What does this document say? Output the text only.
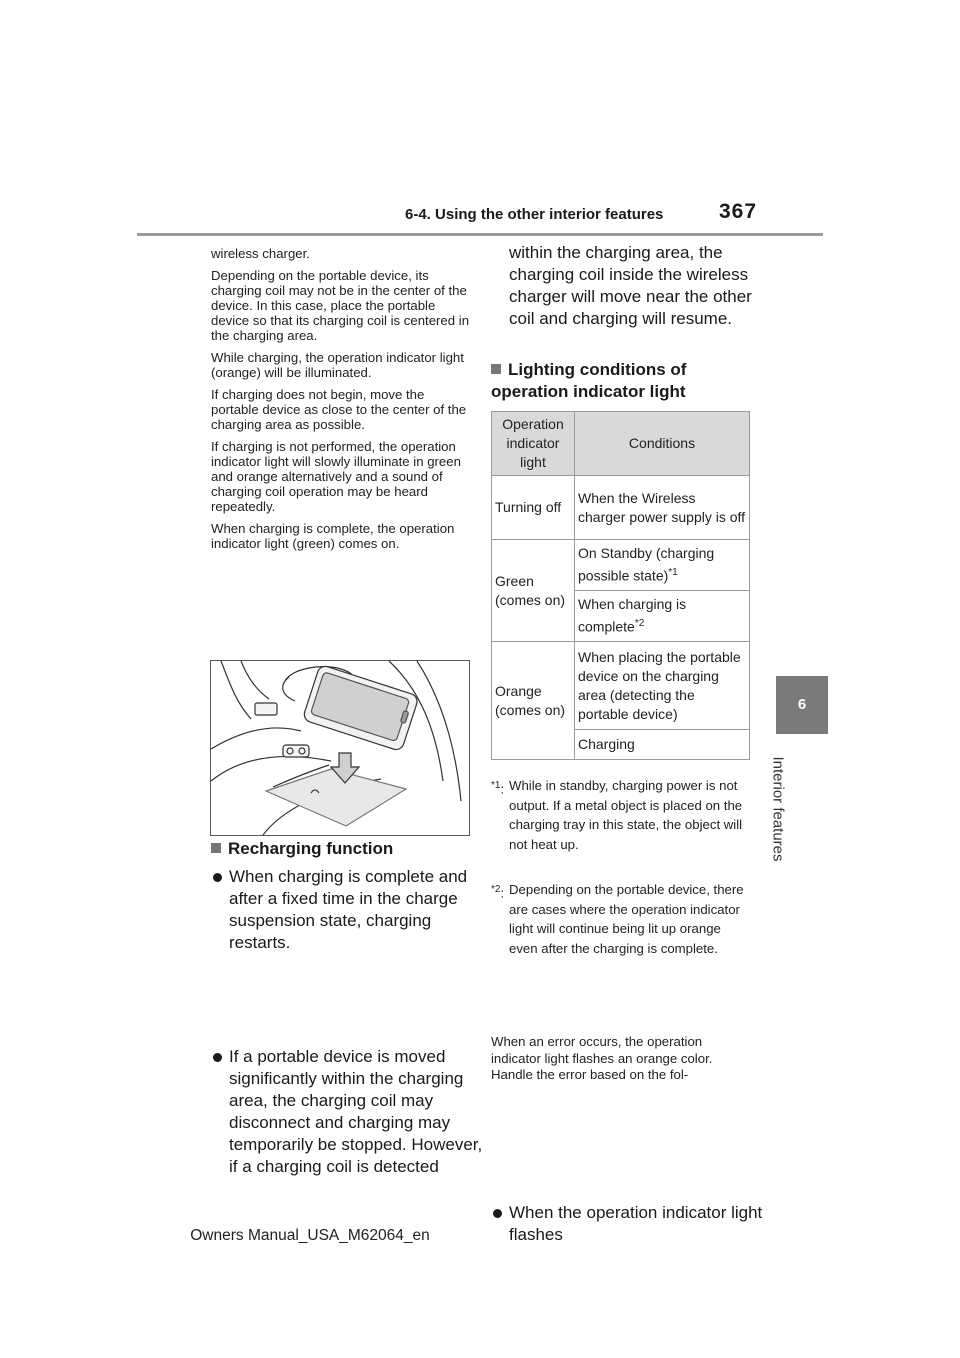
6-4. Using the other interior features	367
6
Interior features

wireless charger.

Depending on the portable device, its charging coil may not be in the center of the device. In this case, place the portable device so that its charging coil is centered in the charging area.

While charging, the operation indicator light (orange) will be illuminated.

If charging does not begin, move the portable device as close to the center of the charging area as possible.

If charging is not performed, the operation indicator light will slowly illuminate in green and orange alternatively and a sound of charging coil operation may be heard repeatedly.

When charging is complete, the operation indicator light (green) comes on.

Recharging function
When charging is complete and after a fixed time in the charge suspension state, charging restarts.
If a portable device is moved significantly within the charging area, the charging coil may disconnect and charging may temporarily be stopped. However, if a charging coil is detected
within the charging area, the charging coil inside the wireless charger will move near the other coil and charging will resume.
Lighting conditions of operation indicator light
Operation indicator light	Conditions
Turning off	When the Wireless charger power supply is off
Green (comes on)	On Standby (charging possible state)$^{*1}$
	When charging is complete$^{*2}$
Orange (comes on)	When placing the portable device on the charging area (detecting the portable device)
	Charging
$^{*1}$: While in standby, charging power is not output. If a metal object is placed on the charging tray in this state, the object will not heat up.
$^{*2}$: Depending on the portable device, there are cases where the operation indicator light will continue being lit up orange even after the charging is complete.
When the operation indicator light flashes
When an error occurs, the operation indicator light flashes an orange color. Handle the error based on the fol-
Owners Manual_USA_M62064_en
